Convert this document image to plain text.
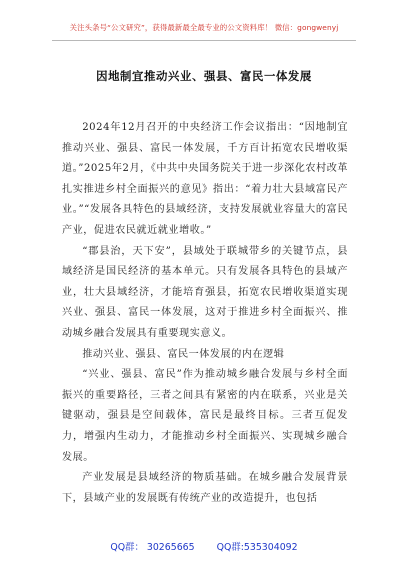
关注头条号“公文研究”，获得最新最全最专业的公文资料库！ 微信：gongwenyj
因地制宜推动兴业、强县、富民一体发展

2024年12月召开的中央经济工作会议指出：“因地制宜推动兴业、强县、富民一体发展，千方百计拓宽农民增收渠道。”2025年2月，《中共中央国务院关于进一步深化农村改革 扎实推进乡村全面振兴的意见》指出：“着力壮大县域富民产业。”“发展各具特色的县域经济，支持发展就业容量大的富民产业，促进农民就近就业增收。”

“郡县治，天下安”，县域处于联城带乡的关键节点，县域经济是国民经济的基本单元。只有发展各具特色的县域产业，壮大县域经济，才能培育强县，拓宽农民增收渠道实现兴业、强县、富民一体发展，这对于推进乡村全面振兴、推动城乡融合发展具有重要现实意义。

推动兴业、强县、富民一体发展的内在逻辑

“兴业、强县、富民”作为推动城乡融合发展与乡村全面振兴的重要路径，三者之间具有紧密的内在联系，兴业是关键驱动，强县是空间载体，富民是最终目标。三者互促发力，增强内生动力，才能推动乡村全面振兴、实现城乡融合发展。

产业发展是县域经济的物质基础。在城乡融合发展背景下，县域产业的发展既有传统产业的改造提升，也包括

QQ群： 30265665 QQ群:535304092
